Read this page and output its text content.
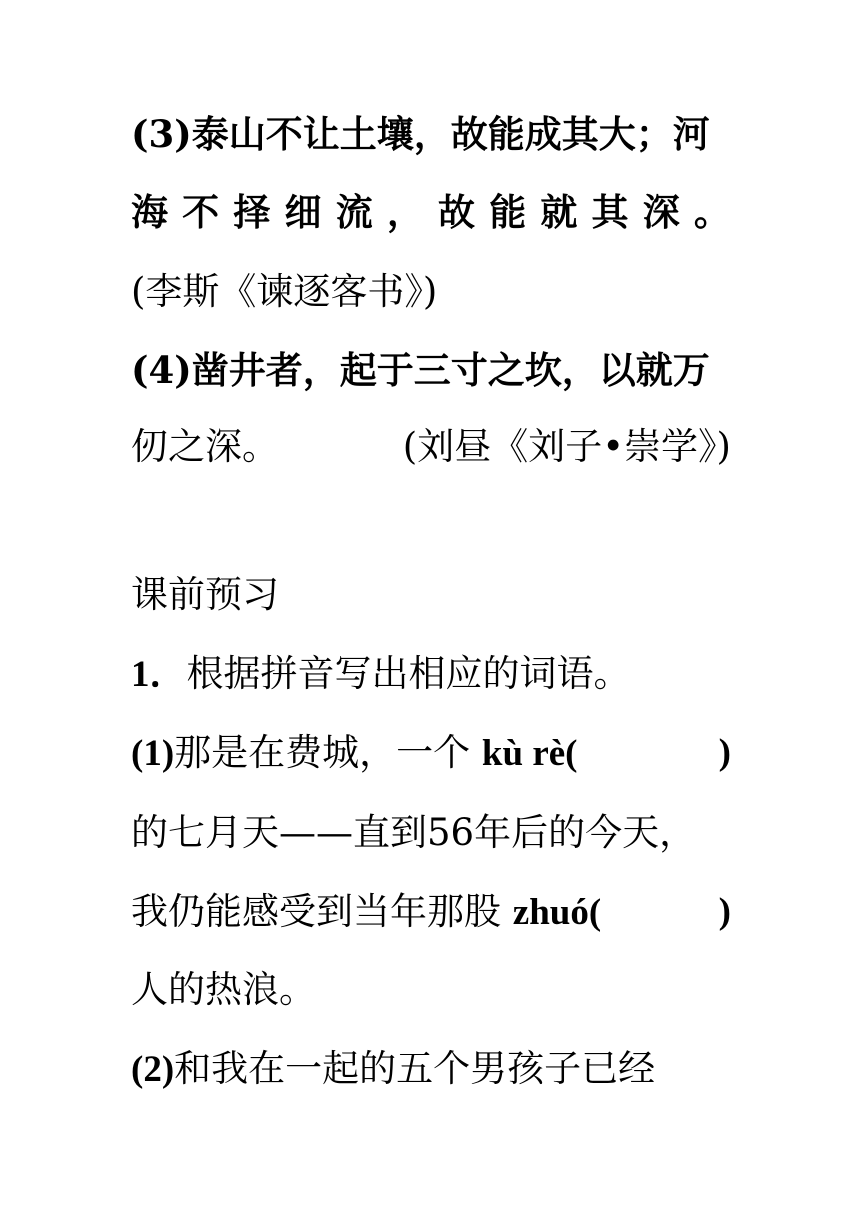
(3)泰山不让土壤，故能成其大；河
海 不 择 细 流 ， 故 能 就 其 深 。
(李斯《谏逐客书》)
(4)凿井者，起于三寸之坎，以就万
仞之深。	(刘昼《刘子•崇学》)
课前预习
1．根据拼音写出相应的词语。
(1)那是在费城，一个 kù rè(	)
的七月天——直到56年后的今天，
我仍能感受到当年那股 zhuó(	)
人的热浪。
(2)和我在一起的五个男孩子已经
